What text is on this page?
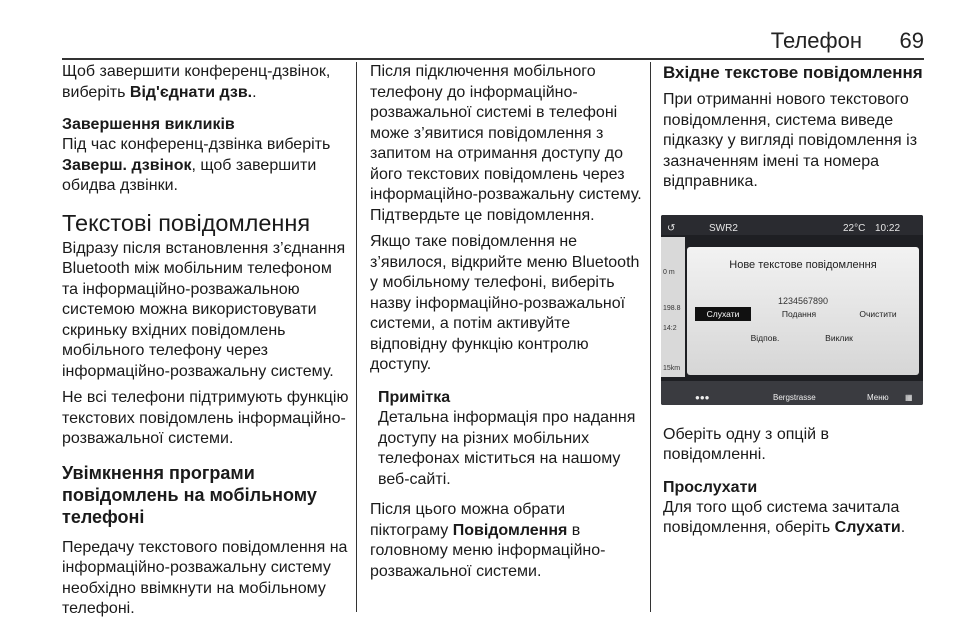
Телефон 69
Щоб завершити конференц-дзвінок, виберіть Від'єднати дзв..
Завершення викликів
Під час конференц-дзвінка виберіть Заверш. дзвінок, щоб завершити обидва дзвінки.
Текстові повідомлення
Відразу після встановлення з’єднання Bluetooth між мобільним телефоном та інформаційно-розважальною системою можна використовувати скриньку вхідних повідомлень мобільного телефону через інформаційно-розважальну систему.
Не всі телефони підтримують функцію текстових повідомлень інформаційно-розважальної системи.
Увімкнення програми повідомлень на мобільному телефоні
Передачу текстового повідомлення на інформаційно-розважальну систему необхідно ввімкнути на мобільному телефоні.
Після підключення мобільного телефону до інформаційно-розважальної системі в телефоні може з’явитися повідомлення з запитом на отримання доступу до його текстових повідомлень через інформаційно-розважальну систему. Підтвердьте це повідомлення.
Якщо таке повідомлення не з’явилося, відкрийте меню Bluetooth у мобільному телефоні, виберіть назву інформаційно-розважальної системи, а потім активуйте відповідну функцію контролю доступу.
Примітка
Детальна інформація про надання доступу на різних мобільних телефонах міститься на нашому веб-сайті.
Після цього можна обрати піктограму Повідомлення в головному меню інформаційно-розважальної системи.
Вхідне текстове повідомлення
При отриманні нового текстового повідомлення, система виведе підказку у вигляді повідомлення із зазначенням імені та номера відправника.
↺	SWR2	22°C 10:22
0 m
198.8
14:2
15km
Нове текстове повідомлення
1234567890
Слухати	Подання	Очистити
Відпов.	Виклик
●●●	Bergstrasse	Меню ▦
Оберіть одну з опцій в повідомленні.
Прослухати
Для того щоб система зачитала повідомлення, оберіть Слухати.
